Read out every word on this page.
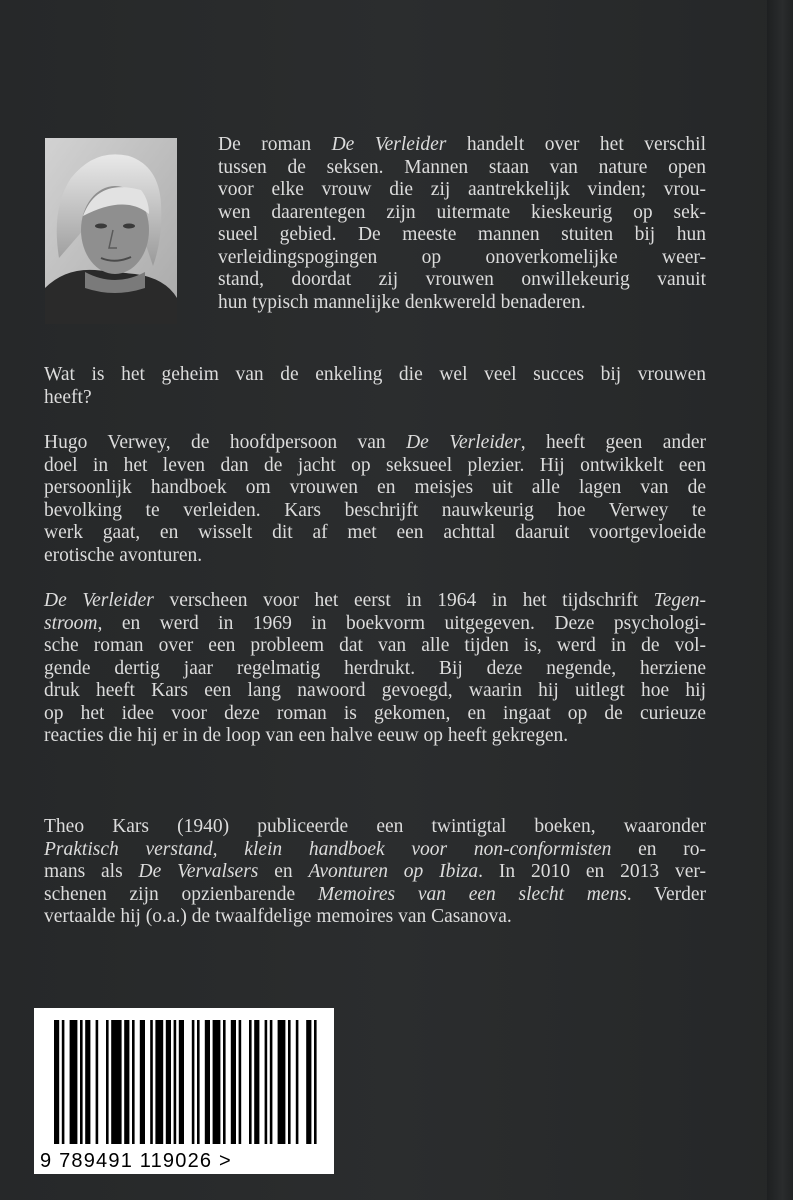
De roman De Verleider handelt over het verschil
tussen de seksen. Mannen staan van nature open
voor elke vrouw die zij aantrekkelijk vinden; vrou-
wen daarentegen zijn uitermate kieskeurig op sek-
sueel gebied. De meeste mannen stuiten bij hun
verleidingspogingen op onoverkomelijke weer-
stand, doordat zij vrouwen onwillekeurig vanuit
hun typisch mannelijke denkwereld benaderen.
Wat is het geheim van de enkeling die wel veel succes bij vrouwen
heeft?
Hugo Verwey, de hoofdpersoon van De Verleider, heeft geen ander
doel in het leven dan de jacht op seksueel plezier. Hij ontwikkelt een
persoonlijk handboek om vrouwen en meisjes uit alle lagen van de
bevolking te verleiden. Kars beschrijft nauwkeurig hoe Verwey te
werk gaat, en wisselt dit af met een achttal daaruit voortgevloeide
erotische avonturen.
De Verleider verscheen voor het eerst in 1964 in het tijdschrift Tegen-
stroom, en werd in 1969 in boekvorm uitgegeven. Deze psychologi-
sche roman over een probleem dat van alle tijden is, werd in de vol-
gende dertig jaar regelmatig herdrukt. Bij deze negende, herziene
druk heeft Kars een lang nawoord gevoegd, waarin hij uitlegt hoe hij
op het idee voor deze roman is gekomen, en ingaat op de curieuze
reacties die hij er in de loop van een halve eeuw op heeft gekregen.
Theo Kars (1940) publiceerde een twintigtal boeken, waaronder
Praktisch verstand, klein handboek voor non-conformisten en ro-
mans als De Vervalsers en Avonturen op Ibiza. In 2010 en 2013 ver-
schenen zijn opzienbarende Memoires van een slecht mens. Verder
vertaalde hij (o.a.) de twaalfdelige memoires van Casanova.
9 789491 119026 >
